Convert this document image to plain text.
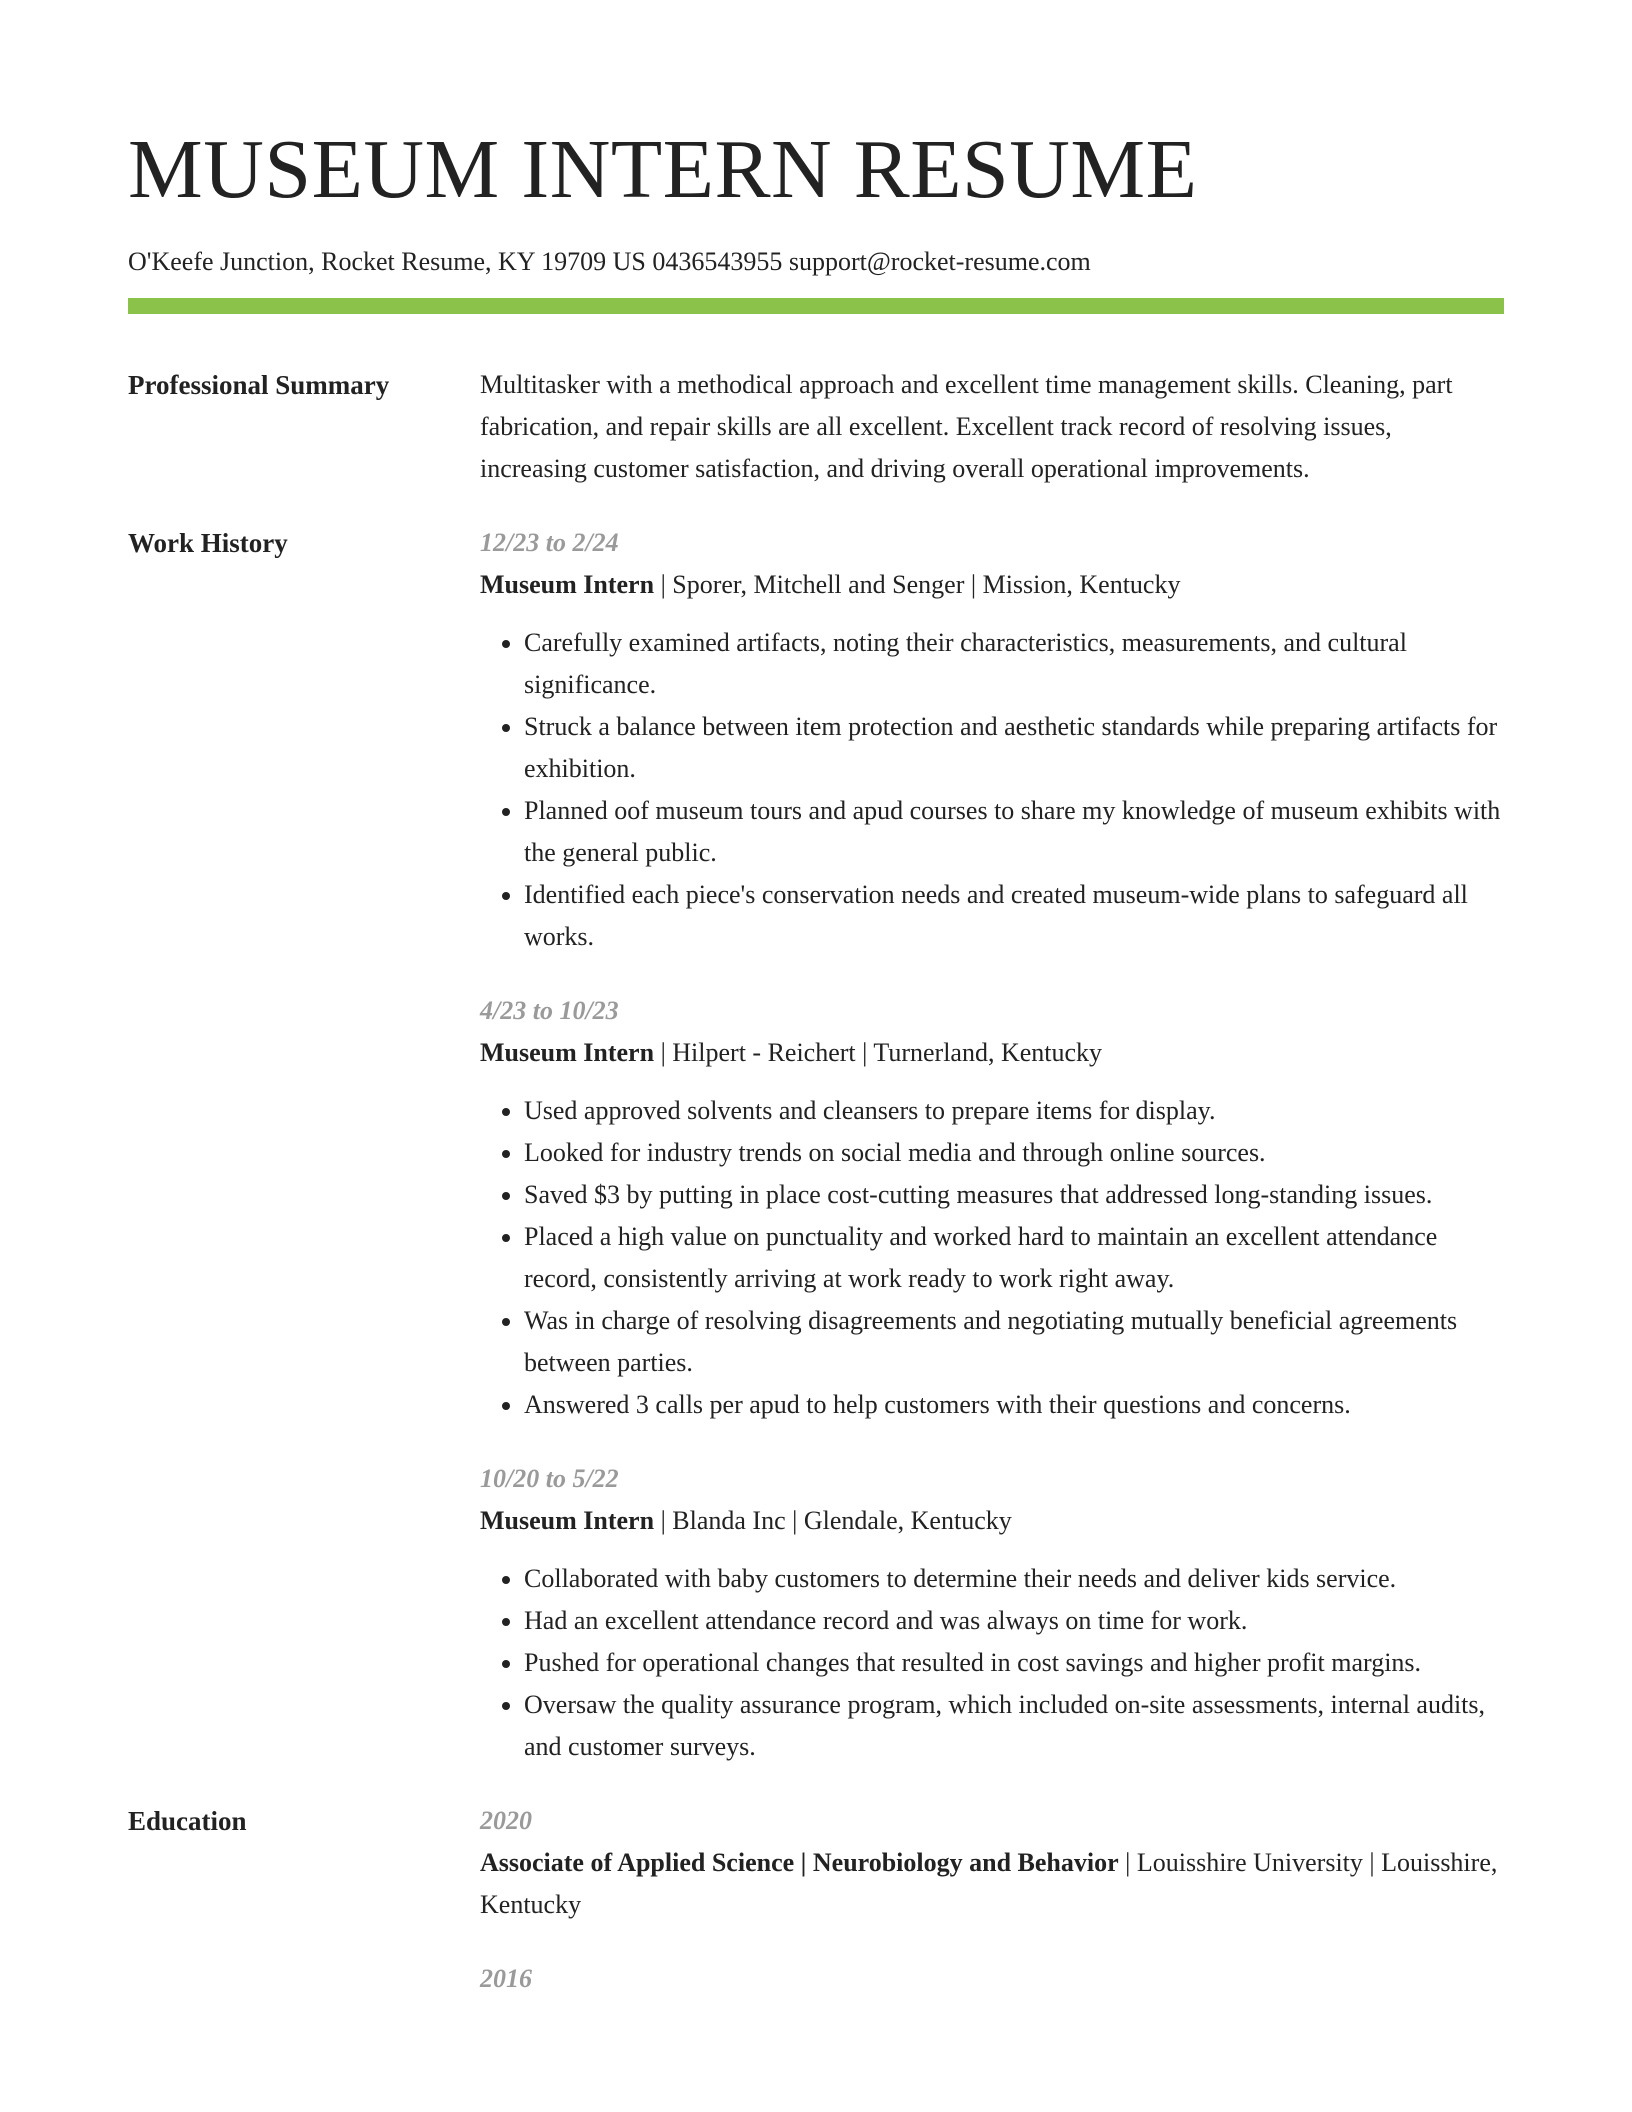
MUSEUM INTERN RESUME
O'Keefe Junction, Rocket Resume, KY 19709 US 0436543955 support@rocket-resume.com
Professional Summary	Multitasker with a methodical approach and excellent time management skills. Cleaning, part fabrication, and repair skills are all excellent. Excellent track record of resolving issues, increasing customer satisfaction, and driving overall operational improvements.

Work History	12/23 to 2/24
Museum Intern | Sporer, Mitchell and Senger | Mission, Kentucky
• Carefully examined artifacts, noting their characteristics, measurements, and cultural significance.
• Struck a balance between item protection and aesthetic standards while preparing artifacts for exhibition.
• Planned oof museum tours and apud courses to share my knowledge of museum exhibits with the general public.
• Identified each piece's conservation needs and created museum-wide plans to safeguard all works.
4/23 to 10/23
Museum Intern | Hilpert - Reichert | Turnerland, Kentucky
• Used approved solvents and cleansers to prepare items for display.
• Looked for industry trends on social media and through online sources.
• Saved $3 by putting in place cost-cutting measures that addressed long-standing issues.
• Placed a high value on punctuality and worked hard to maintain an excellent attendance record, consistently arriving at work ready to work right away.
• Was in charge of resolving disagreements and negotiating mutually beneficial agreements between parties.
• Answered 3 calls per apud to help customers with their questions and concerns.
10/20 to 5/22
Museum Intern | Blanda Inc | Glendale, Kentucky
• Collaborated with baby customers to determine their needs and deliver kids service.
• Had an excellent attendance record and was always on time for work.
• Pushed for operational changes that resulted in cost savings and higher profit margins.
• Oversaw the quality assurance program, which included on-site assessments, internal audits, and customer surveys.
Education	2020
Associate of Applied Science | Neurobiology and Behavior | Louisshire University | Louisshire, Kentucky
2016
